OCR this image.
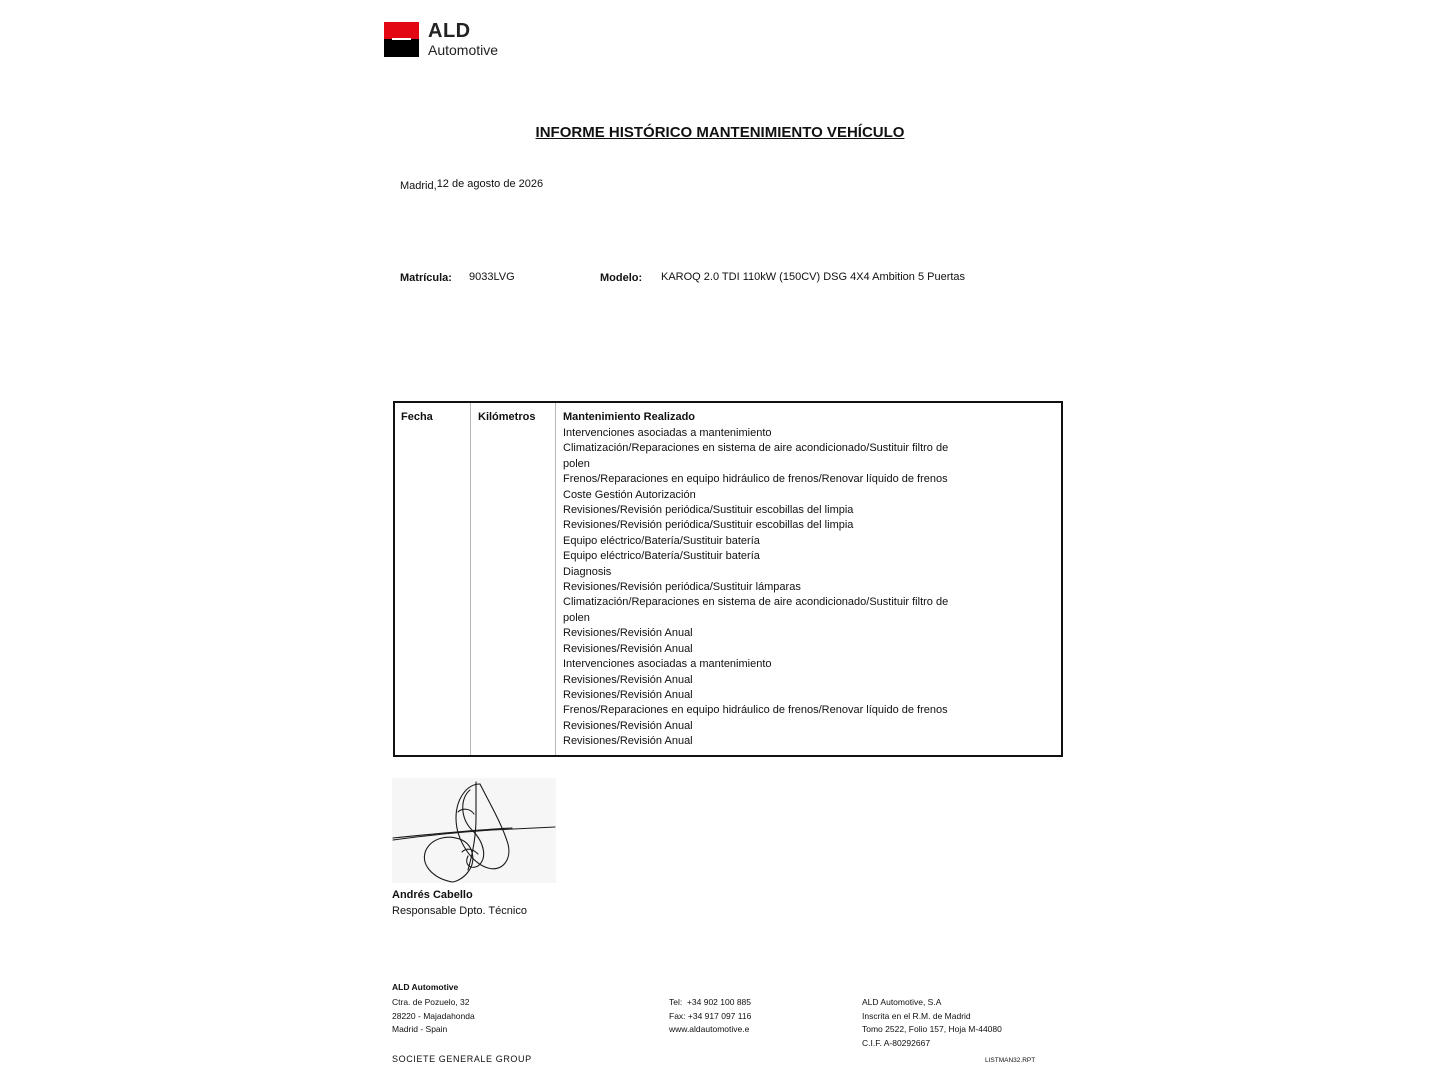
ALD
Automotive
INFORME HISTÓRICO MANTENIMIENTO VEHÍCULO
Madrid,12 de agosto de 2026
Matrícula: 9033LVG	Modelo: KAROQ 2.0 TDI 110kW (150CV) DSG 4X4 Ambition 5 Puertas
Fecha	Kilómetros	Mantenimiento Realizado
Intervenciones asociadas a mantenimiento
Climatización/Reparaciones en sistema de aire acondicionado/Sustituir filtro de
polen
Frenos/Reparaciones en equipo hidráulico de frenos/Renovar líquido de frenos
Coste Gestión Autorización
Revisiones/Revisión periódica/Sustituir escobillas del limpia
Revisiones/Revisión periódica/Sustituir escobillas del limpia
Equipo eléctrico/Batería/Sustituir batería
Equipo eléctrico/Batería/Sustituir batería
Diagnosis
Revisiones/Revisión periódica/Sustituir lámparas
Climatización/Reparaciones en sistema de aire acondicionado/Sustituir filtro de
polen
Revisiones/Revisión Anual
Revisiones/Revisión Anual
Intervenciones asociadas a mantenimiento
Revisiones/Revisión Anual
Revisiones/Revisión Anual
Frenos/Reparaciones en equipo hidráulico de frenos/Renovar líquido de frenos
Revisiones/Revisión Anual
Revisiones/Revisión Anual
Andrés Cabello
Responsable Dpto. Técnico
ALD Automotive
Ctra. de Pozuelo, 32
28220 - Majadahonda
Madrid - Spain
Tel:  +34 902 100 885
Fax: +34 917 097 116
www.aldautomotive.e
ALD Automotive, S.A
Inscrita en el R.M. de Madrid
Tomo 2522, Folio 157, Hoja M-44080
C.I.F. A-80292667
SOCIETE GENERALE GROUP	LISTMAN32.RPT
